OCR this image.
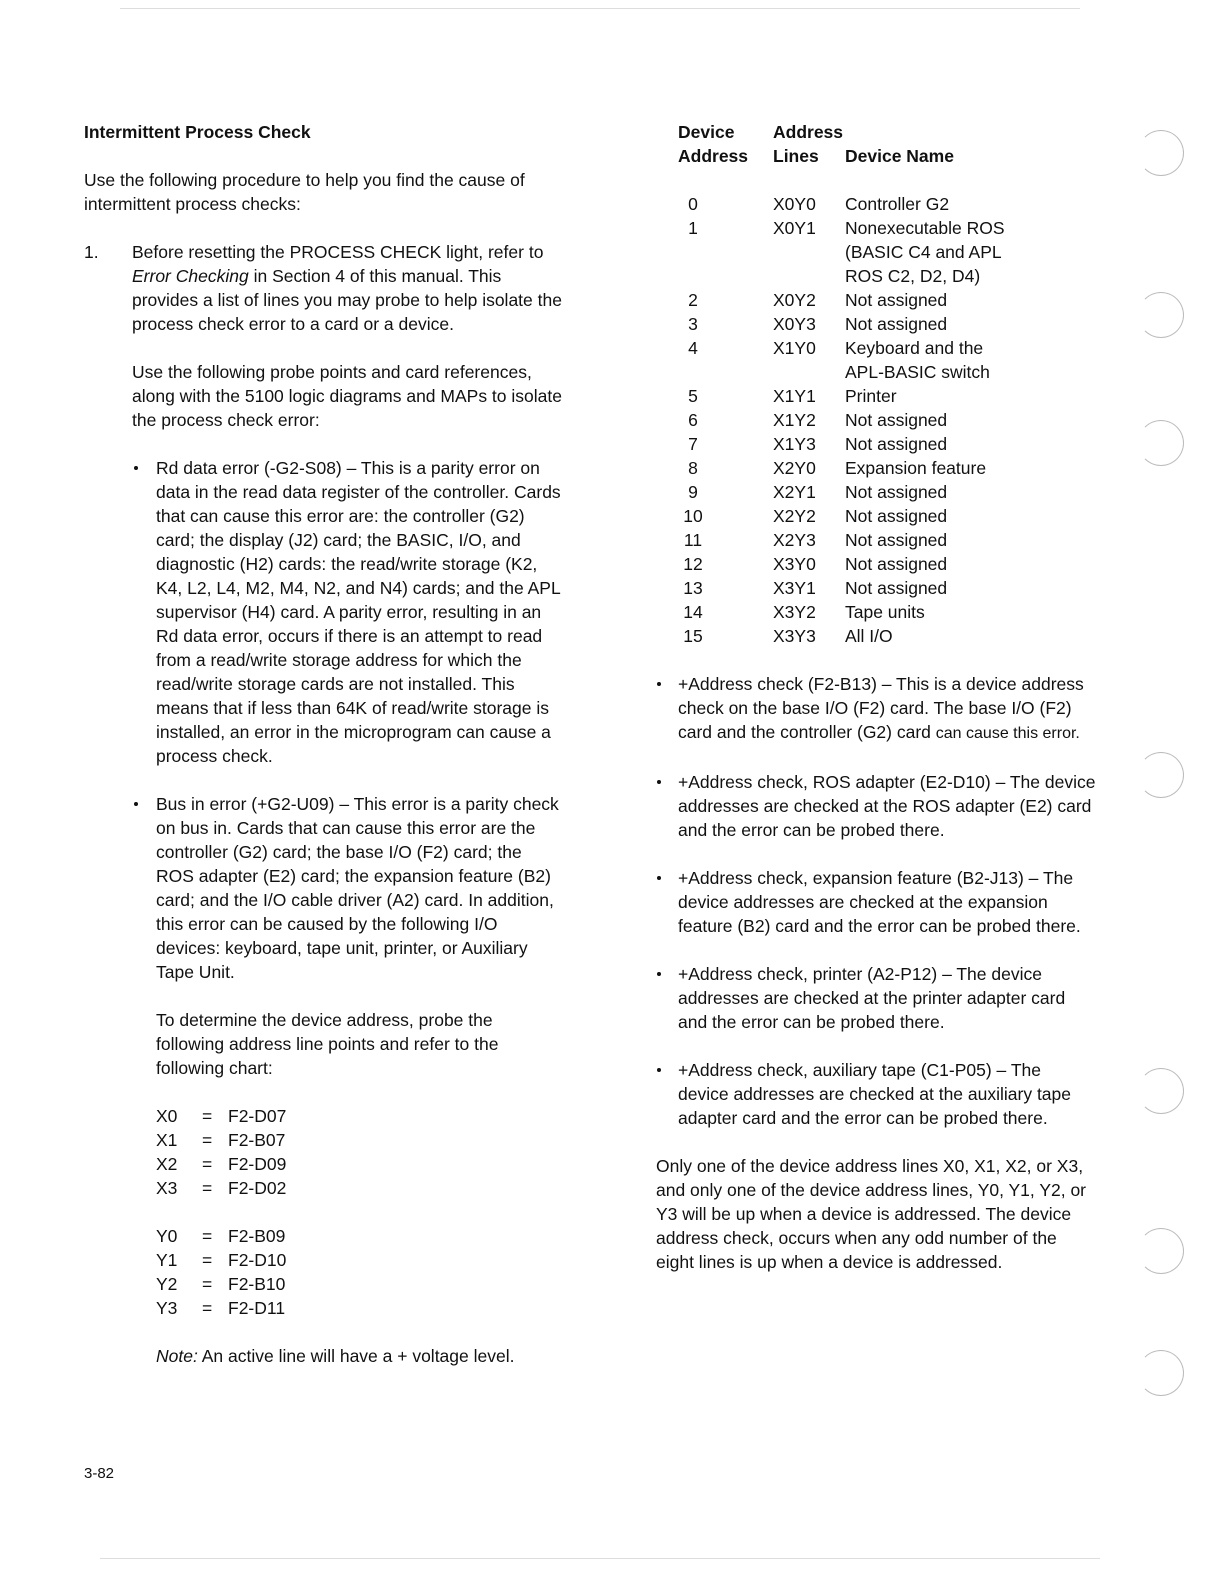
Intermittent Process Check

Use the following procedure to help you find the cause of intermittent process checks:

1.	Before resetting the PROCESS CHECK light, refer to Error Checking in Section 4 of this manual. This provides a list of lines you may probe to help isolate the process check error to a card or a device.

Use the following probe points and card references, along with the 5100 logic diagrams and MAPs to isolate the process check error:

Rd data error (-G2-S08) – This is a parity error on data in the read data register of the controller. Cards that can cause this error are: the controller (G2) card; the display (J2) card; the BASIC, I/O, and diagnostic (H2) cards: the read/write storage (K2, K4, L2, L4, M2, M4, N2, and N4) cards; and the APL supervisor (H4) card. A parity error, resulting in an Rd data error, occurs if there is an attempt to read from a read/write storage address for which the read/write storage cards are not installed. This means that if less than 64K of read/write storage is installed, an error in the microprogram can cause a process check.
Bus in error (+G2-U09) – This error is a parity check on bus in. Cards that can cause this error are the controller (G2) card; the base I/O (F2) card; the ROS adapter (E2) card; the expansion feature (B2) card; and the I/O cable driver (A2) card. In addition, this error can be caused by the following I/O devices: keyboard, tape unit, printer, or Auxiliary Tape Unit.

To determine the device address, probe the following address line points and refer to the following chart:

X0	=	F2-D07
X1	=	F2-B07
X2	=	F2-D09
X3	=	F2-D02
Y0	=	F2-B09
Y1	=	F2-D10
Y2	=	F2-B10
Y3	=	F2-D11

Note: An active line will have a + voltage level.

3-82
Device	Address	
Address	Lines	Device Name

0	X0Y0	Controller G2
1	X0Y1	Nonexecutable ROS
(BASIC C4 and APL
ROS C2, D2, D4)
2	X0Y2	Not assigned
3	X0Y3	Not assigned
4	X1Y0	Keyboard and the
APL-BASIC switch
5	X1Y1	Printer
6	X1Y2	Not assigned
7	X1Y3	Not assigned
8	X2Y0	Expansion feature
9	X2Y1	Not assigned
10	X2Y2	Not assigned
11	X2Y3	Not assigned
12	X3Y0	Not assigned
13	X3Y1	Not assigned
14	X3Y2	Tape units
15	X3Y3	All I/O
+Address check (F2-B13) – This is a device address check on the base I/O (F2) card. The base I/O (F2) card and the controller (G2) card can cause this error.
+Address check, ROS adapter (E2-D10) – The device addresses are checked at the ROS adapter (E2) card and the error can be probed there.
+Address check, expansion feature (B2-J13) – The device addresses are checked at the expansion feature (B2) card and the error can be probed there.
+Address check, printer (A2-P12) – The device addresses are checked at the printer adapter card and the error can be probed there.
+Address check, auxiliary tape (C1-P05) – The device addresses are checked at the auxiliary tape adapter card and the error can be probed there.

Only one of the device address lines X0, X1, X2, or X3, and only one of the device address lines, Y0, Y1, Y2, or Y3 will be up when a device is addressed. The device address check, occurs when any odd number of the eight lines is up when a device is addressed.
